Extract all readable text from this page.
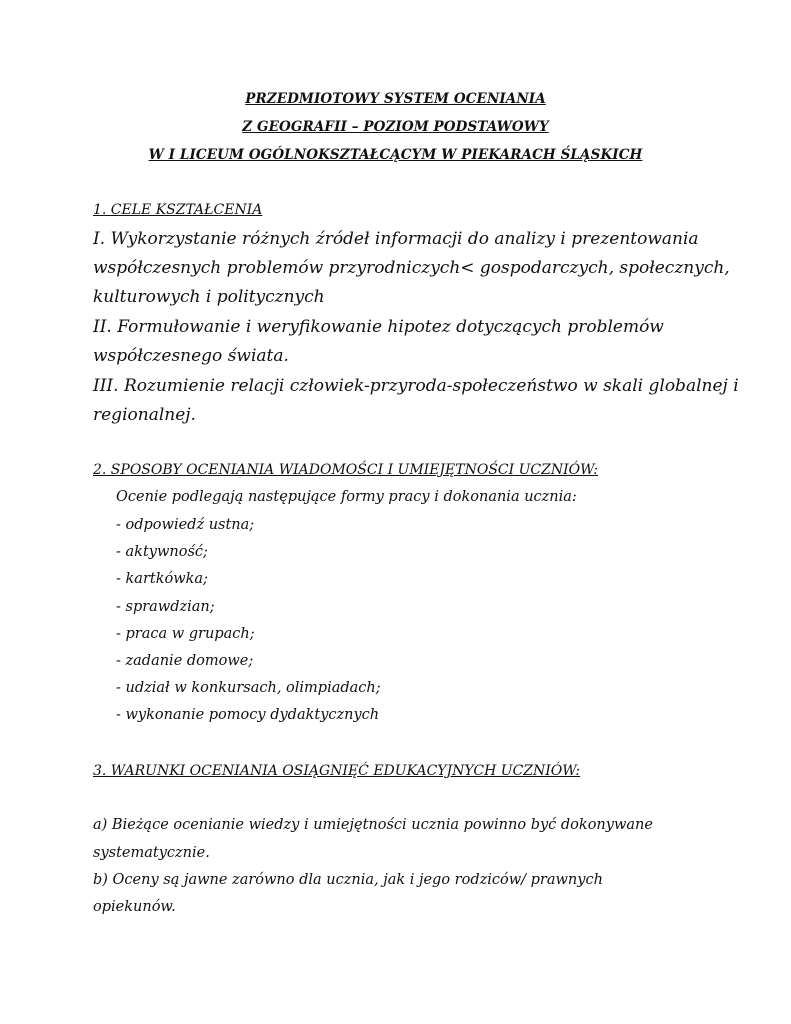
PRZEDMIOTOWY SYSTEM OCENIANIA
Z GEOGRAFII – POZIOM PODSTAWOWY
W I LICEUM OGÓLNOKSZTAŁCĄCYM W PIEKARACH ŚLĄSKICH
1. CELE KSZTAŁCENIA
I. Wykorzystanie różnych źródeł informacji do analizy i prezentowania
współczesnych problemów przyrodniczych< gospodarczych, społecznych,
kulturowych i politycznych
II. Formułowanie i weryfikowanie hipotez dotyczących problemów
współczesnego świata.
III. Rozumienie relacji człowiek-przyroda-społeczeństwo w skali globalnej i
regionalnej.
2. SPOSOBY OCENIANIA WIADOMOŚCI I UMIEJĘTNOŚCI UCZNIÓW:
Ocenie podlegają następujące formy pracy i dokonania ucznia:
- odpowiedź ustna;
- aktywność;
- kartkówka;
- sprawdzian;
- praca w grupach;
- zadanie domowe;
- udział w konkursach, olimpiadach;
- wykonanie pomocy dydaktycznych
3. WARUNKI OCENIANIA OSIĄGNIĘĆ EDUKACYJNYCH UCZNIÓW:
a) Bieżące ocenianie wiedzy i umiejętności ucznia powinno być dokonywane
systematycznie.
b) Oceny są jawne zarówno dla ucznia, jak i jego rodziców/ prawnych
opiekunów.
